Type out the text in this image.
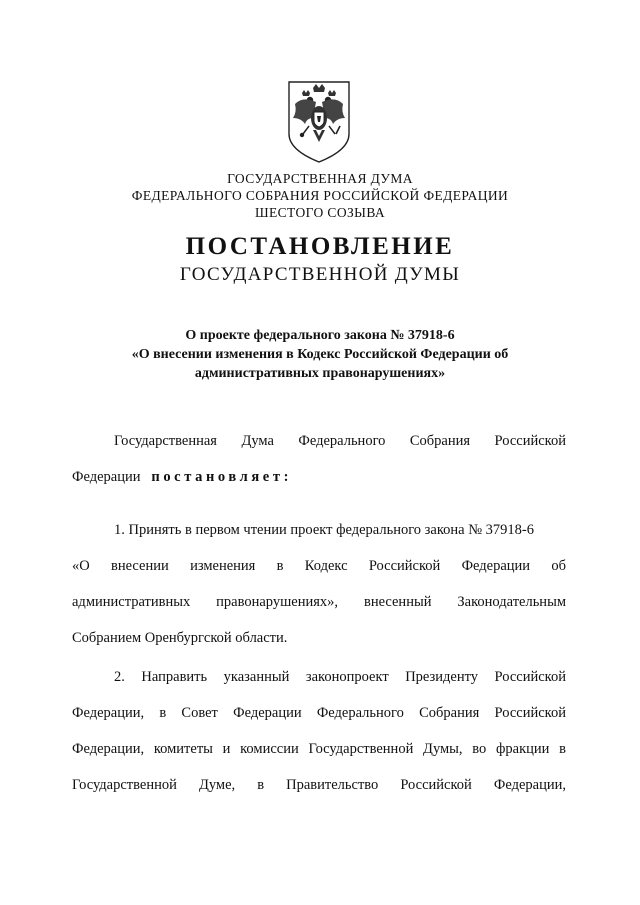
ГОСУДАРСТВЕННАЯ ДУМА
ФЕДЕРАЛЬНОГО СОБРАНИЯ РОССИЙСКОЙ ФЕДЕРАЦИИ
ШЕСТОГО СОЗЫВА
ПОСТАНОВЛЕНИЕ
ГОСУДАРСТВЕННОЙ ДУМЫ
О проекте федерального закона № 37918-6
«О внесении изменения в Кодекс Российской Федерации об
административных правонарушениях»
Государственная Дума Федерального Собрания Российской
Федерации постановляет:
1. Принять в первом чтении проект федерального закона № 37918-6
«О внесении изменения в Кодекс Российской Федерации об
административных правонарушениях», внесенный Законодательным
Собранием Оренбургской области.
2. Направить указанный законопроект Президенту Российской
Федерации, в Совет Федерации Федерального Собрания Российской
Федерации, комитеты и комиссии Государственной Думы, во фракции в
Государственной Думе, в Правительство Российской Федерации,
